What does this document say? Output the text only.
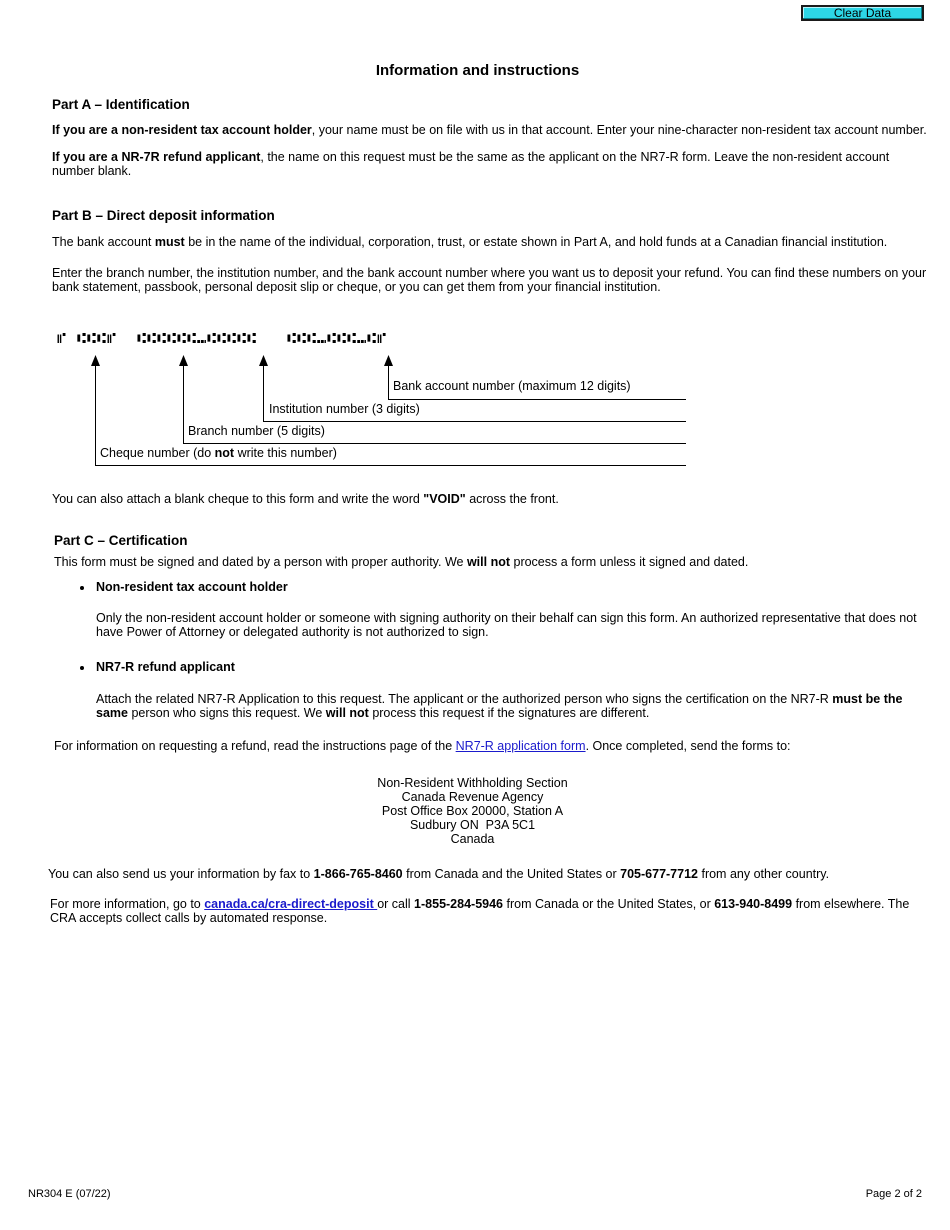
Clear Data
Information and instructions
Part A – Identification

If you are a non-resident tax account holder, your name must be on file with us in that account. Enter your nine-character non-resident tax account number.

If you are a NR-7R refund applicant, the name on this request must be the same as the applicant on the NR7-R form. Leave the non-resident account number blank.

Part B – Direct deposit information

The bank account must be in the name of the individual, corporation, trust, or estate shown in Part A, and hold funds at a Canadian financial institution.

Enter the branch number, the institution number, and the bank account number where you want us to deposit your refund. You can find these numbers on your bank statement, passbook, personal deposit slip or cheque, or you can get them from your financial institution.

⑈ ⑆⑆⑆⑈  ⑆⑆⑆⑆⑆⑆⑉⑆⑆⑆⑆⑆   ⑆⑆⑆⑉⑆⑆⑆⑉⑆⑈
Bank account number (maximum 12 digits)
Institution number (3 digits)
Branch number (5 digits)
Cheque number (do not write this number)

You can also attach a blank cheque to this form and write the word "VOID" across the front.

Part C – Certification

This form must be signed and dated by a person with proper authority. We will not process a form unless it signed and dated.

Non-resident tax account holder

Only the non-resident account holder or someone with signing authority on their behalf can sign this form. An authorized representative that does not have Power of Attorney or delegated authority is not authorized to sign.

NR7-R refund applicant

Attach the related NR7-R Application to this request. The applicant or the authorized person who signs the certification on the NR7-R must be the same person who signs this request. We will not process this request if the signatures are different.

For information on requesting a refund, read the instructions page of the NR7-R application form. Once completed, send the forms to:

Non-Resident Withholding Section
Canada Revenue Agency
Post Office Box 20000, Station A
Sudbury ON  P3A 5C1
Canada

You can also send us your information by fax to 1-866-765-8460 from Canada and the United States or 705-677-7712 from any other country.

For more information, go to canada.ca/cra-direct-deposit or call 1-855-284-5946 from Canada or the United States, or 613-940-8499 from elsewhere. The CRA accepts collect calls by automated response.

NR304 E (07/22)	Page 2 of 2
